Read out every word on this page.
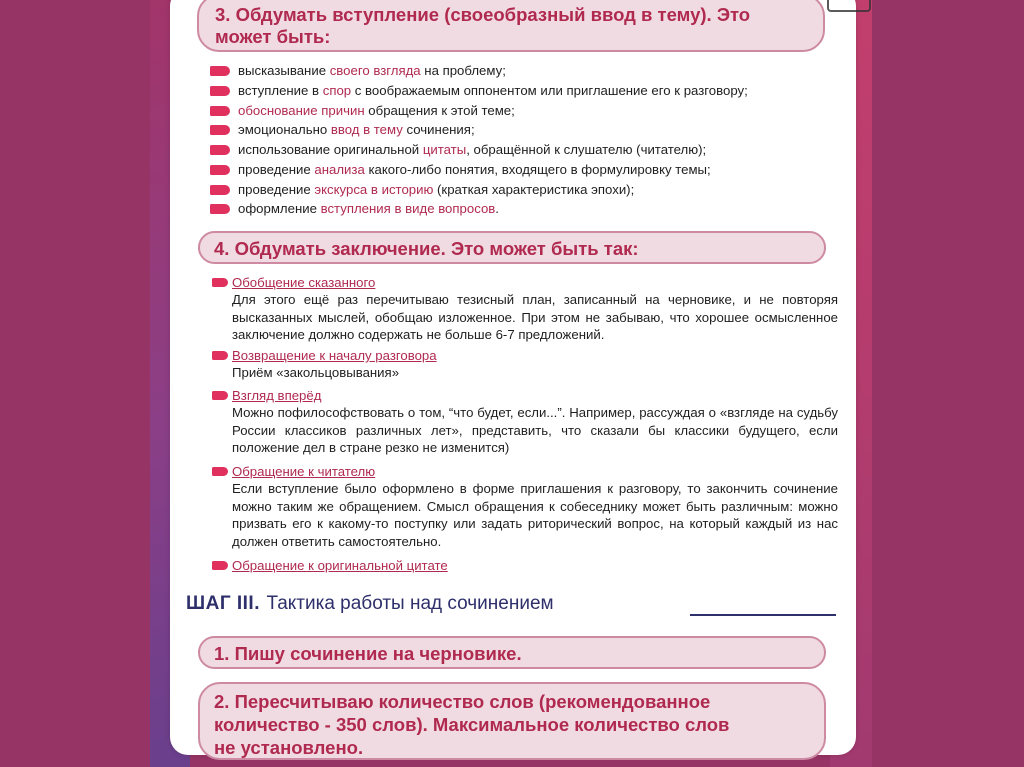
3. Обдумать вступление (своеобразный ввод в тему). Это
может быть:
высказывание своего взгляда на проблему;
вступление в спор с воображаемым оппонентом или приглашение его к разговору;
обоснование причин обращения к этой теме;
эмоционально ввод в тему сочинения;
использование оригинальной цитаты, обращённой к слушателю (читателю);
проведение анализа какого-либо понятия, входящего в формулировку темы;
проведение экскурса в историю (краткая характеристика эпохи);
оформление вступления в виде вопросов.
4. Обдумать заключение. Это может быть так:
Обобщение сказанного
Для этого ещё раз перечитываю тезисный план, записанный на черновике, и не повторяя высказанных мыслей, обобщаю изложенное. При этом не забываю, что хорошее осмысленное заключение должно содержать не больше 6-7 предложений.
Возвращение к началу разговора
Приём «закольцовывания»
Взгляд вперёд
Можно пофилософствовать о том, “что будет, если...”. Например, рассуждая о «взгляде на судьбу России классиков различных лет», представить, что сказали бы классики будущего, если положение дел в стране резко не изменится)
Обращение к читателю
Если вступление было оформлено в форме приглашения к разговору, то закончить сочинение можно таким же обращением. Смысл обращения к собеседнику может быть различным: можно призвать его к какому-то поступку или задать риторический вопрос, на который каждый из нас должен ответить самостоятельно.
Обращение к оригинальной цитате
ШАГ III. Тактика работы над сочинением
1. Пишу сочинение на черновике.
2. Пересчитываю количество слов (рекомендованное
количество - 350 слов). Максимальное количество слов
не установлено.
